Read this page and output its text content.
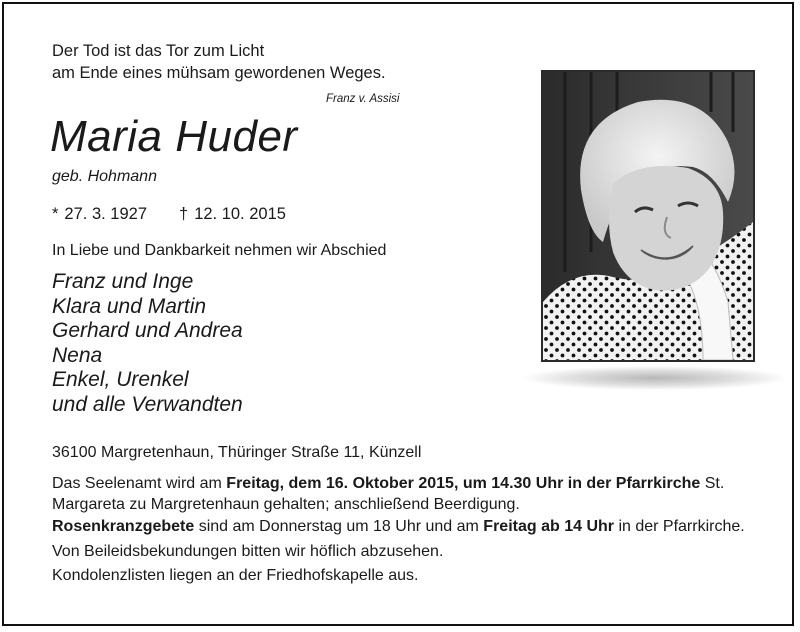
Der Tod ist das Tor zum Licht
am Ende eines mühsam gewordenen Weges.
Franz v. Assisi
Maria Huder
geb. Hohmann
* 27. 3. 1927 † 12. 10. 2015
In Liebe und Dankbarkeit nehmen wir Abschied
Franz und Inge
Klara und Martin
Gerhard und Andrea
Nena
Enkel, Urenkel
und alle Verwandten
36100 Margretenhaun, Thüringer Straße 11, Künzell
Das Seelenamt wird am Freitag, dem 16. Oktober 2015, um 14.30 Uhr in der Pfarrkirche St. Margareta zu Margretenhaun gehalten; anschließend Beerdigung.
Rosenkranzgebete sind am Donnerstag um 18 Uhr und am Freitag ab 14 Uhr in der Pfarrkirche.
Von Beileidsbekundungen bitten wir höflich abzusehen.
Kondolenzlisten liegen an der Friedhofskapelle aus.
